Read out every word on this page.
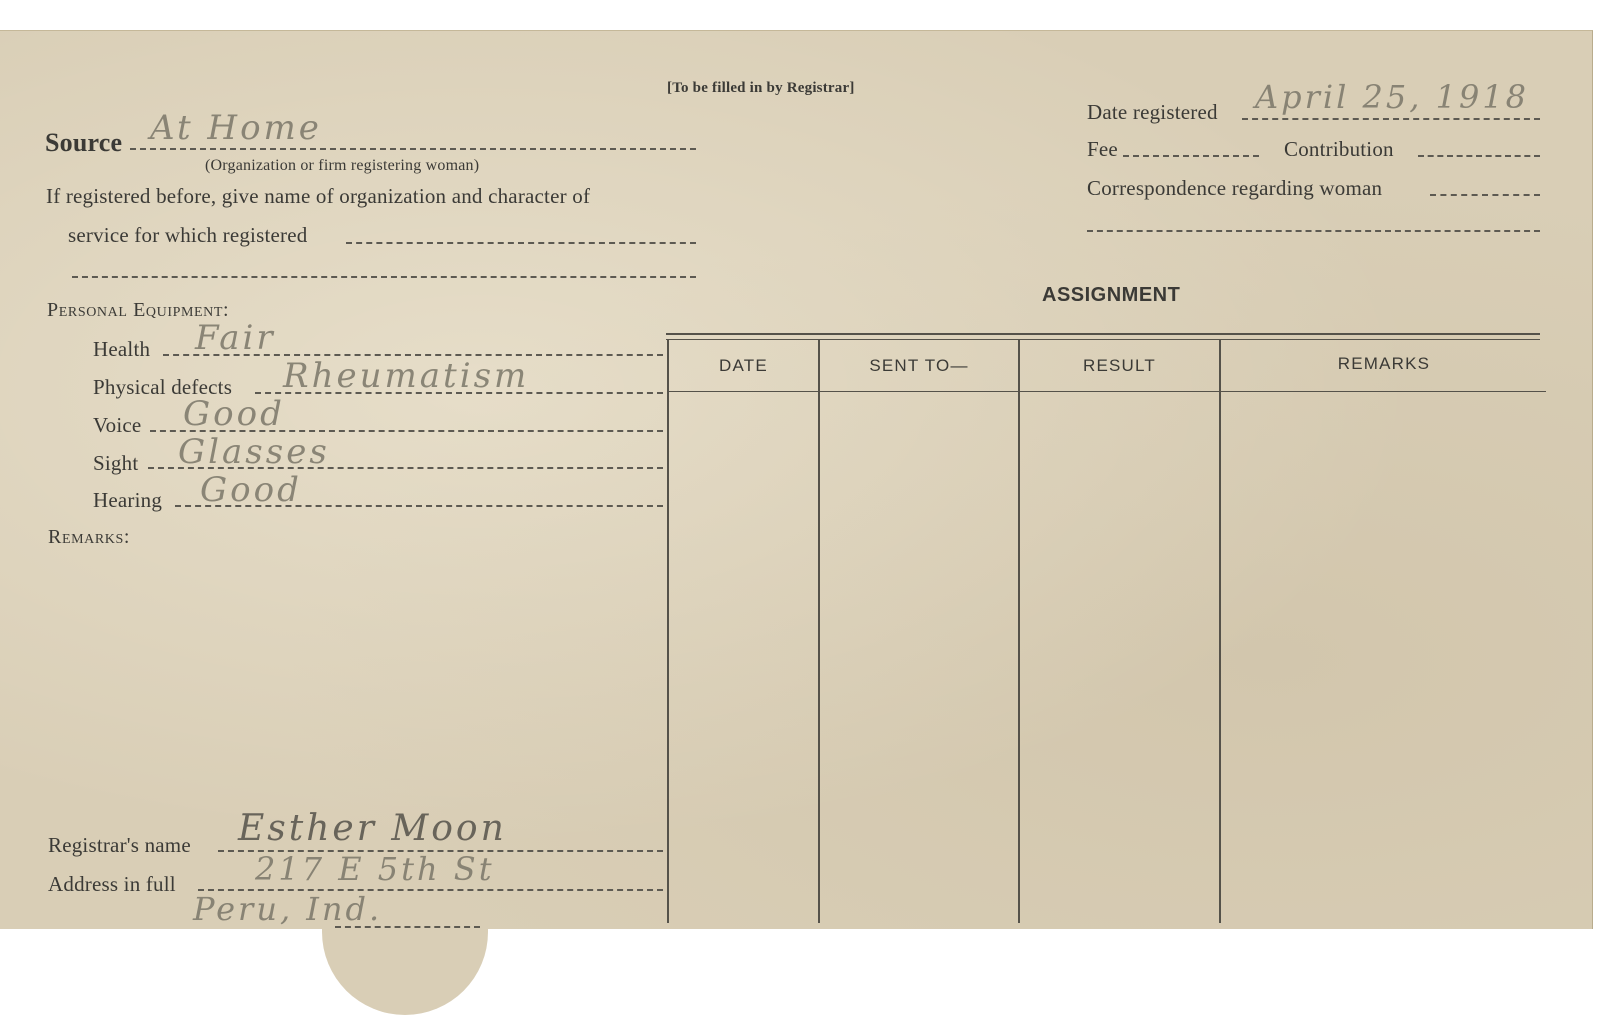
[To be filled in by Registrar]
Source At Home
(Organization or firm registering woman)
If registered before, give name of organization and character of
service for which registered
Date registered April 25, 1918
Fee	Contribution
Correspondence regarding woman
Personal Equipment:
Health Fair
Physical defects Rheumatism
Voice Good
Sight Glasses
Hearing Good
Remarks:
Registrar's name Esther Moon
Address in full 217 E 5th St
Peru, Ind.
ASSIGNMENT
DATE	SENT TO—	RESULT	REMARKS
